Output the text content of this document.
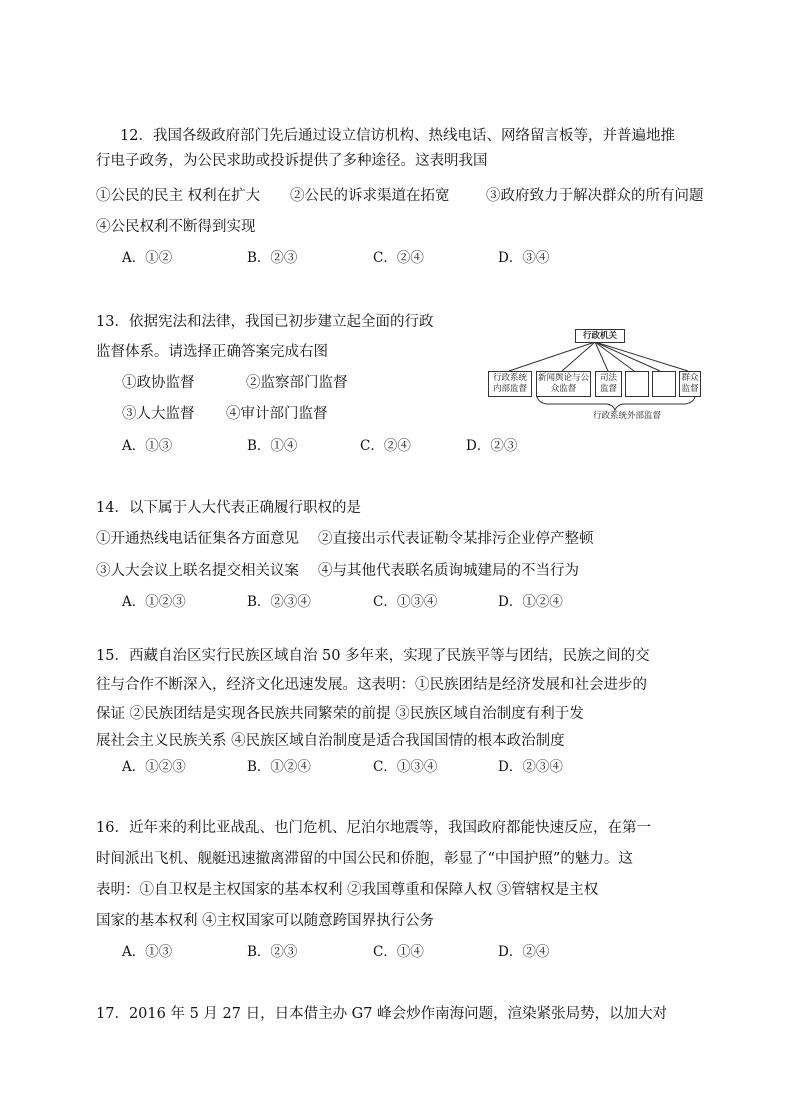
12．我国各级政府部门先后通过设立信访机构、热线电话、网络留言板等，并普遍地推
行电子政务，为公民求助或投诉提供了多种途径。这表明我国
①公民的民主 权利在扩大 ②公民的诉求渠道在拓宽	③政府致力于解决群众的所有问题
④公民权利不断得到实现
A．①②	B．②③	C．②④	D．③④
13．依据宪法和法律，我国已初步建立起全面的行政
监督体系。请选择正确答案完成右图
①政协监督	②监察部门监督
③人大监督 ④审计部门监督
A．①③	B．①④	C．②④	D．②③
行政机关
行政系统内部监督
新闻舆论与公众监督
司法监督
群众监督
行政系统外部监督
14．以下属于人大代表正确履行职权的是
①开通热线电话征集各方面意见 ②直接出示代表证勒令某排污企业停产整顿
③人大会议上联名提交相关议案 ④与其他代表联名质询城建局的不当行为
A．①②③	B．②③④	C．①③④	D．①②④
15．西藏自治区实行民族区域自治 50 多年来，实现了民族平等与团结，民族之间的交
往与合作不断深入，经济文化迅速发展。这表明：①民族团结是经济发展和社会进步的
保证 ②民族团结是实现各民族共同繁荣的前提 ③民族区域自治制度有利于发
展社会主义民族关系 ④民族区域自治制度是适合我国国情的根本政治制度
A．①②③	B．①②④	C．①③④	D．②③④
16．近年来的利比亚战乱、也门危机、尼泊尔地震等，我国政府都能快速反应，在第一
时间派出飞机、舰艇迅速撤离滞留的中国公民和侨胞，彰显了“中国护照”的魅力。这
表明：①自卫权是主权国家的基本权利 ②我国尊重和保障人权 ③管辖权是主权
国家的基本权利 ④主权国家可以随意跨国界执行公务
A．①③	B．②③	C．①④	D．②④
17．2016 年 5 月 27 日，日本借主办 G7 峰会炒作南海问题，渲染紧张局势，以加大对
